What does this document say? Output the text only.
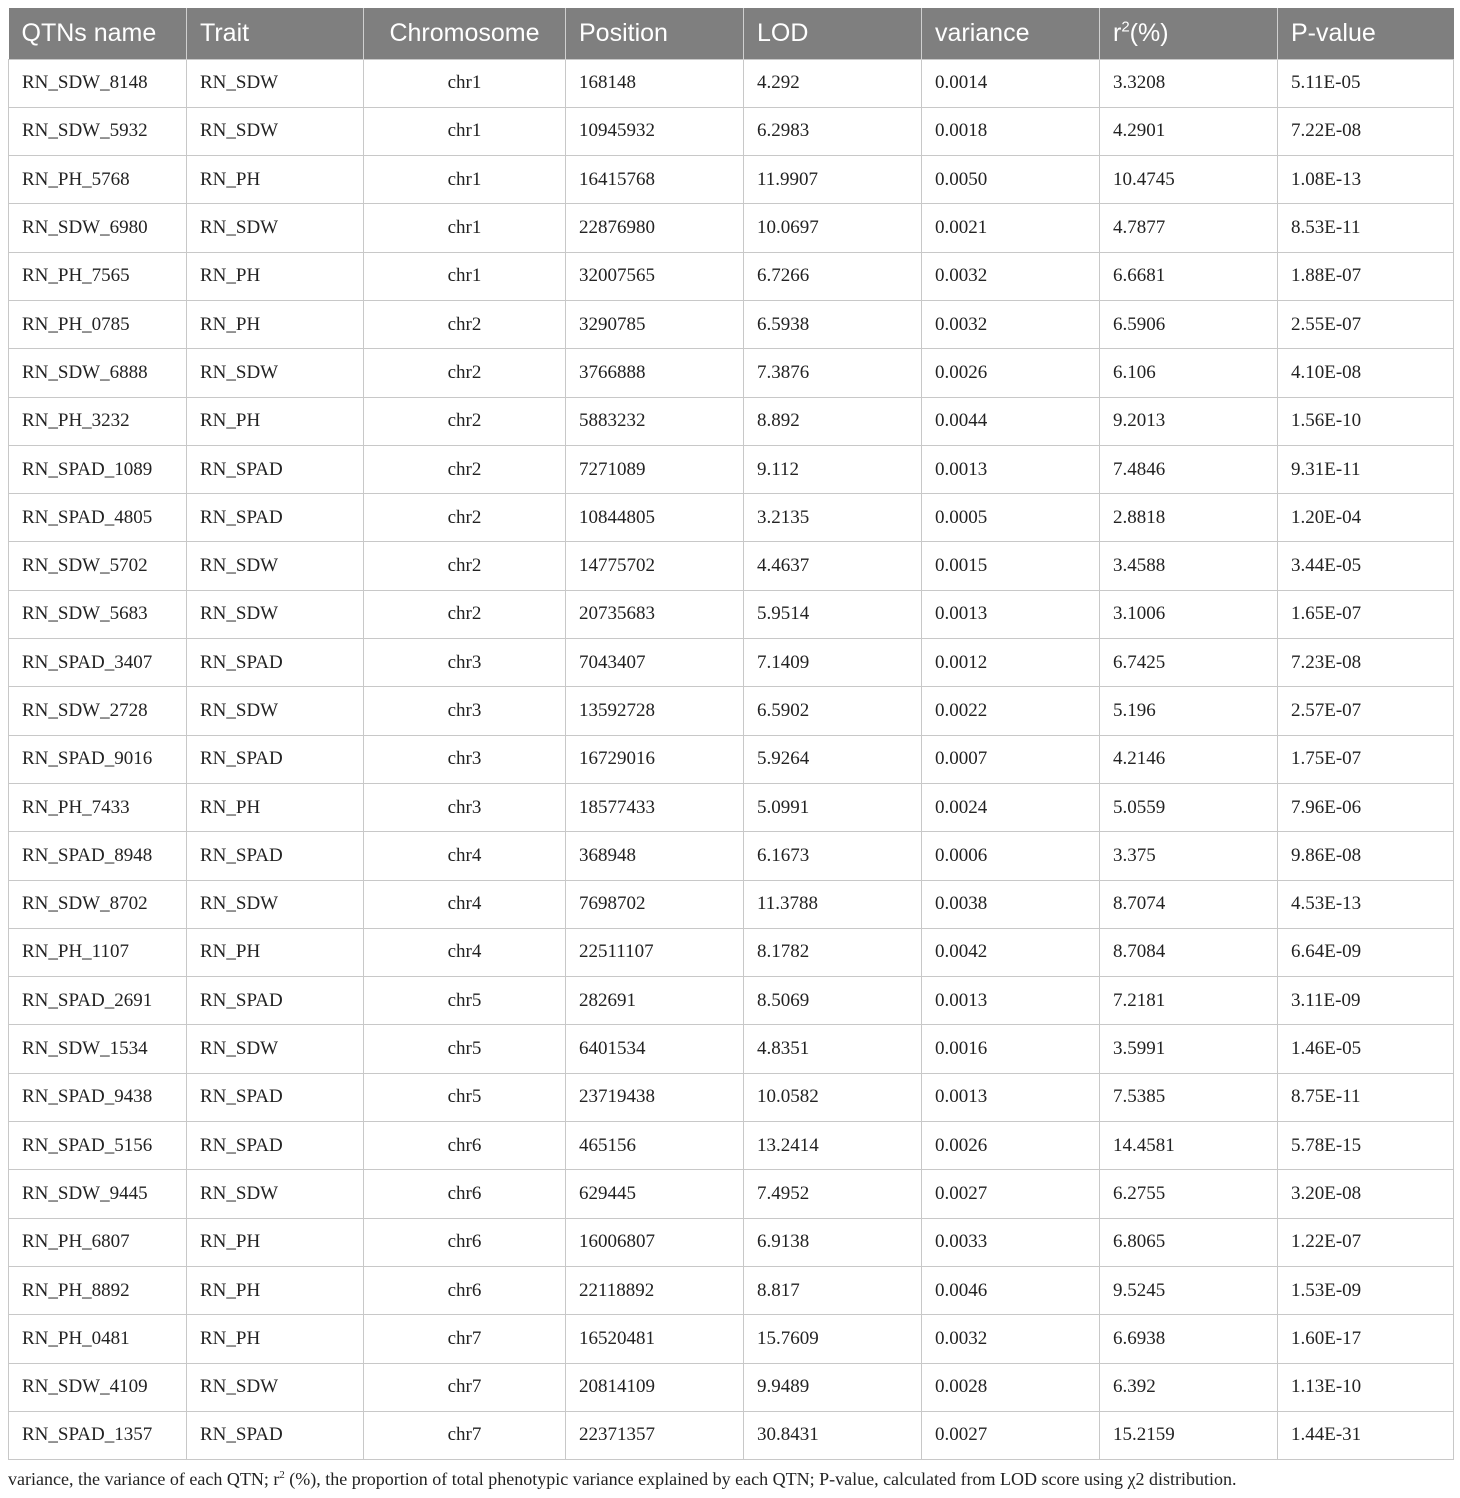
QTNs name	Trait	Chromosome	Position	LOD	variance	$r^2(\%)$	P-value
RN_SDW_8148	RN_SDW	chr1	168148	4.292	0.0014	3.3208	5.11E-05
RN_SDW_5932	RN_SDW	chr1	10945932	6.2983	0.0018	4.2901	7.22E-08
RN_PH_5768	RN_PH	chr1	16415768	11.9907	0.0050	10.4745	1.08E-13
RN_SDW_6980	RN_SDW	chr1	22876980	10.0697	0.0021	4.7877	8.53E-11
RN_PH_7565	RN_PH	chr1	32007565	6.7266	0.0032	6.6681	1.88E-07
RN_PH_0785	RN_PH	chr2	3290785	6.5938	0.0032	6.5906	2.55E-07
RN_SDW_6888	RN_SDW	chr2	3766888	7.3876	0.0026	6.106	4.10E-08
RN_PH_3232	RN_PH	chr2	5883232	8.892	0.0044	9.2013	1.56E-10
RN_SPAD_1089	RN_SPAD	chr2	7271089	9.112	0.0013	7.4846	9.31E-11
RN_SPAD_4805	RN_SPAD	chr2	10844805	3.2135	0.0005	2.8818	1.20E-04
RN_SDW_5702	RN_SDW	chr2	14775702	4.4637	0.0015	3.4588	3.44E-05
RN_SDW_5683	RN_SDW	chr2	20735683	5.9514	0.0013	3.1006	1.65E-07
RN_SPAD_3407	RN_SPAD	chr3	7043407	7.1409	0.0012	6.7425	7.23E-08
RN_SDW_2728	RN_SDW	chr3	13592728	6.5902	0.0022	5.196	2.57E-07
RN_SPAD_9016	RN_SPAD	chr3	16729016	5.9264	0.0007	4.2146	1.75E-07
RN_PH_7433	RN_PH	chr3	18577433	5.0991	0.0024	5.0559	7.96E-06
RN_SPAD_8948	RN_SPAD	chr4	368948	6.1673	0.0006	3.375	9.86E-08
RN_SDW_8702	RN_SDW	chr4	7698702	11.3788	0.0038	8.7074	4.53E-13
RN_PH_1107	RN_PH	chr4	22511107	8.1782	0.0042	8.7084	6.64E-09
RN_SPAD_2691	RN_SPAD	chr5	282691	8.5069	0.0013	7.2181	3.11E-09
RN_SDW_1534	RN_SDW	chr5	6401534	4.8351	0.0016	3.5991	1.46E-05
RN_SPAD_9438	RN_SPAD	chr5	23719438	10.0582	0.0013	7.5385	8.75E-11
RN_SPAD_5156	RN_SPAD	chr6	465156	13.2414	0.0026	14.4581	5.78E-15
RN_SDW_9445	RN_SDW	chr6	629445	7.4952	0.0027	6.2755	3.20E-08
RN_PH_6807	RN_PH	chr6	16006807	6.9138	0.0033	6.8065	1.22E-07
RN_PH_8892	RN_PH	chr6	22118892	8.817	0.0046	9.5245	1.53E-09
RN_PH_0481	RN_PH	chr7	16520481	15.7609	0.0032	6.6938	1.60E-17
RN_SDW_4109	RN_SDW	chr7	20814109	9.9489	0.0028	6.392	1.13E-10
RN_SPAD_1357	RN_SPAD	chr7	22371357	30.8431	0.0027	15.2159	1.44E-31
variance, the variance of each QTN; $r^2$ (%), the proportion of total phenotypic variance explained by each QTN; P-value, calculated from LOD score using χ2 distribution.
